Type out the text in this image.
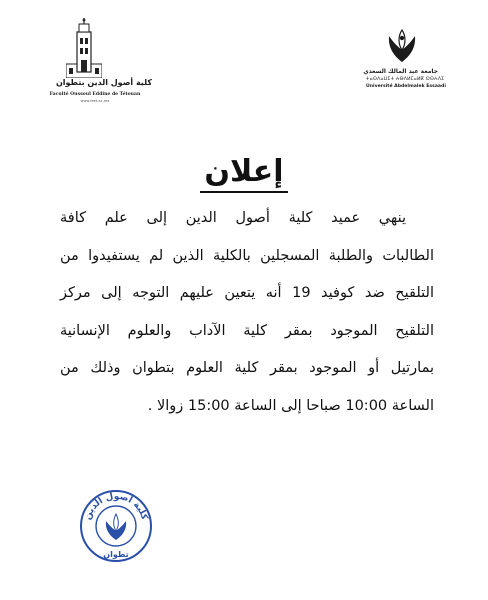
كلية أصول الدين بتطوان
Faculté Oussoul Eddine de Tétouan
www.feet.ac.ma
جامعة عبد المالك السعدي
ⵜⴰⵙⴷⴰⵡⵉⵜ ⵄⴱⴷⵍⵎⴰⵍⴽ ⵙⵙⵄⴷⵉ
Université Abdelmalek Essaadi
إعلان
ينهي عميد كلية أصول الدين إلى علم كافة
الطالبات والطلبة المسجلين بالكلية الذين لم يستفيدوا من
التلقيح ضد كوفيد 19 أنه يتعين عليهم التوجه إلى مركز
التلقيح الموجود بمقر كلية الآداب والعلوم الإنسانية
بمارتيل أو الموجود بمقر كلية العلوم بتطوان وذلك من
الساعة 10:00 صباحا إلى الساعة 15:00 زوالا .
كلية أصول الدين
تطوان
